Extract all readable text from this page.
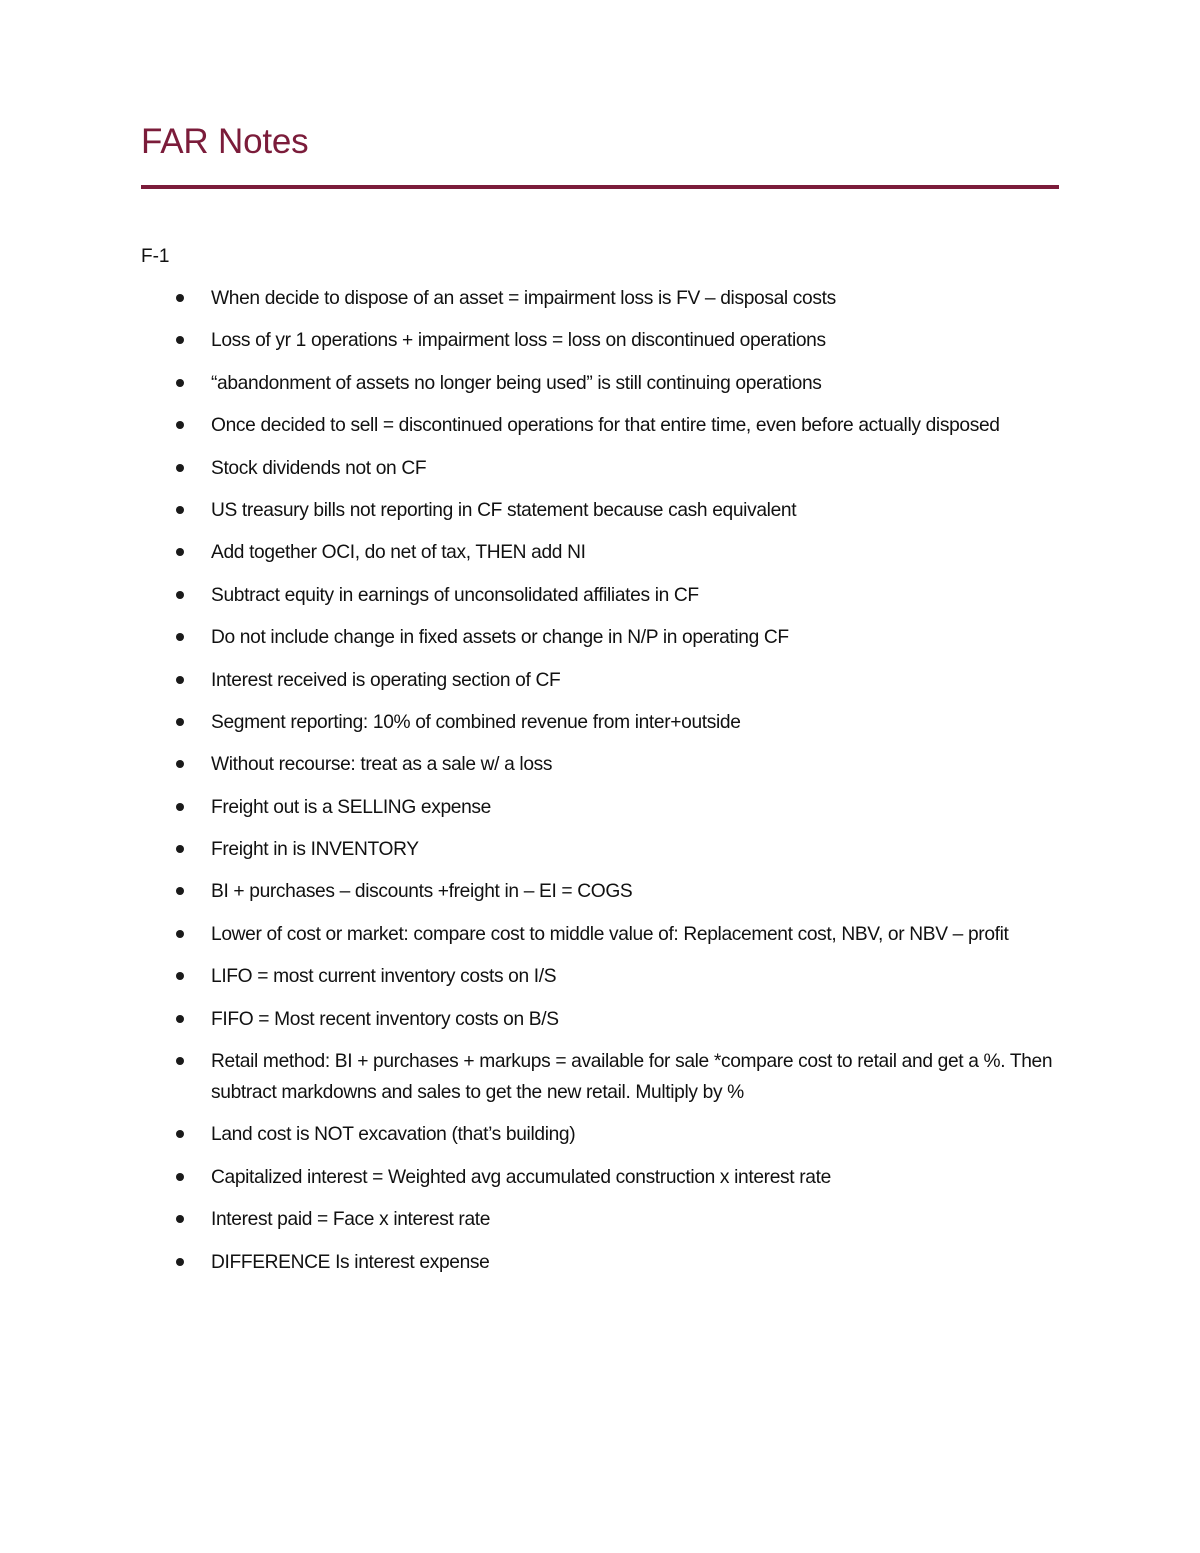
FAR Notes
F-1
When decide to dispose of an asset = impairment loss is FV – disposal costs
Loss of yr 1 operations + impairment loss = loss on discontinued operations
“abandonment of assets no longer being used” is still continuing operations
Once decided to sell = discontinued operations for that entire time, even before actually disposed
Stock dividends not on CF
US treasury bills not reporting in CF statement because cash equivalent
Add together OCI, do net of tax, THEN add NI
Subtract equity in earnings of unconsolidated affiliates in CF
Do not include change in fixed assets or change in N/P in operating CF
Interest received is operating section of CF
Segment reporting: 10% of combined revenue from inter+outside
Without recourse: treat as a sale w/ a loss
Freight out is a SELLING expense
Freight in is INVENTORY
BI + purchases – discounts +freight in – EI = COGS
Lower of cost or market: compare cost to middle value of: Replacement cost, NBV, or NBV – profit
LIFO = most current inventory costs on I/S
FIFO = Most recent inventory costs on B/S
Retail method: BI + purchases + markups = available for sale *compare cost to retail and get a %. Then subtract markdowns and sales to get the new retail. Multiply by %
Land cost is NOT excavation (that’s building)
Capitalized interest = Weighted avg accumulated construction x interest rate
Interest paid = Face x interest rate
DIFFERENCE Is interest expense
